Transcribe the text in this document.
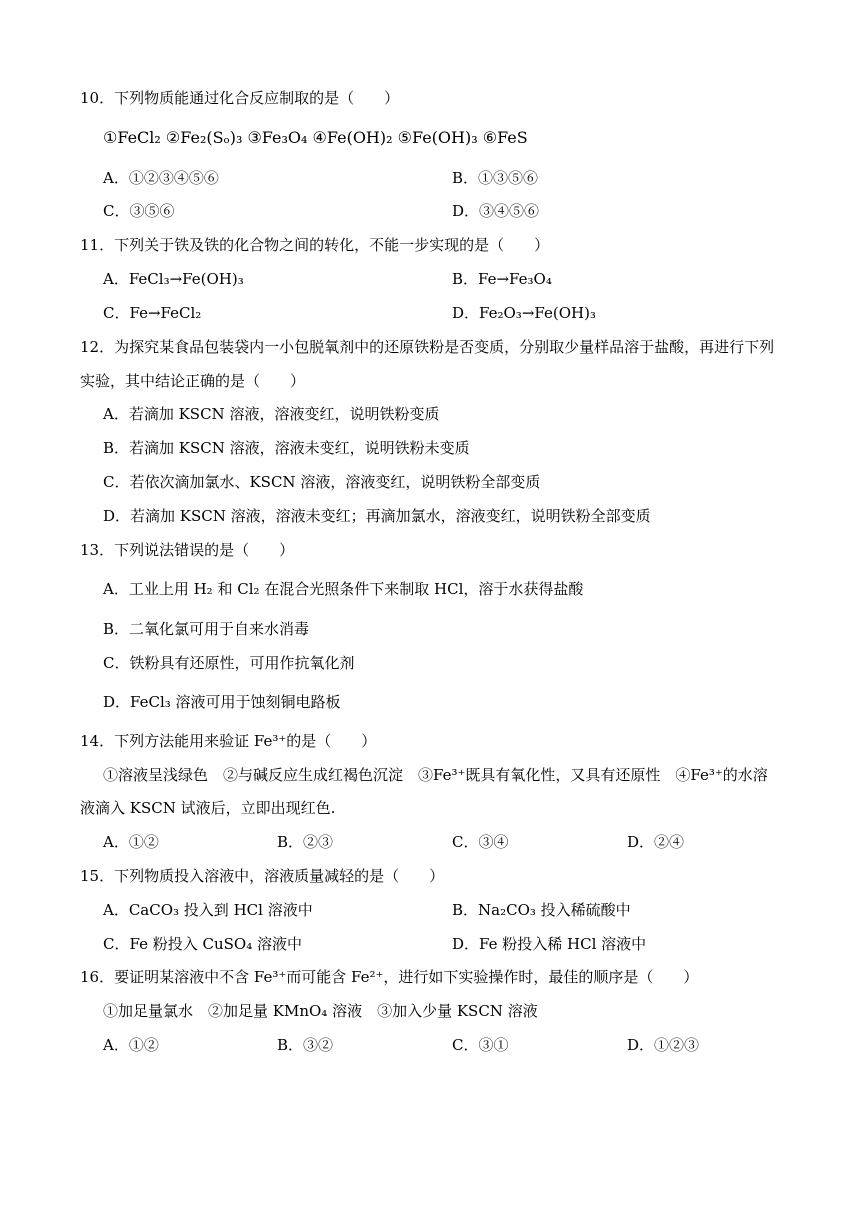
10．下列物质能通过化合反应制取的是（　　）
①FeCl₂ ②Fe₂(Sₒ)₃ ③Fe₃O₄ ④Fe(OH)₂ ⑤Fe(OH)₃ ⑥FeS
A．①②③④⑤⑥	B．①③⑤⑥
C．③⑤⑥	D．③④⑤⑥
11．下列关于铁及铁的化合物之间的转化，不能一步实现的是（　　）
A．FeCl₃→Fe(OH)₃	B．Fe→Fe₃O₄
C．Fe→FeCl₂	D．Fe₂O₃→Fe(OH)₃
12．为探究某食品包装袋内一小包脱氧剂中的还原铁粉是否变质，分别取少量样品溶于盐酸，再进行下列
实验，其中结论正确的是（　　）
A．若滴加 KSCN 溶液，溶液变红，说明铁粉变质
B．若滴加 KSCN 溶液，溶液未变红，说明铁粉未变质
C．若依次滴加氯水、KSCN 溶液，溶液变红，说明铁粉全部变质
D．若滴加 KSCN 溶液，溶液未变红；再滴加氯水，溶液变红，说明铁粉全部变质
13．下列说法错误的是（　　）
A．工业上用 H₂ 和 Cl₂ 在混合光照条件下来制取 HCl，溶于水获得盐酸
B．二氧化氯可用于自来水消毒
C．铁粉具有还原性，可用作抗氧化剂
D．FeCl₃ 溶液可用于蚀刻铜电路板
14．下列方法能用来验证 Fe³⁺的是（　　）
①溶液呈浅绿色　②与碱反应生成红褐色沉淀　③Fe³⁺既具有氧化性，又具有还原性　④Fe³⁺的水溶
液滴入 KSCN 试液后，立即出现红色.
A．①②	B．②③	C．③④	D．②④
15．下列物质投入溶液中，溶液质量减轻的是（　　）
A．CaCO₃ 投入到 HCl 溶液中	B．Na₂CO₃ 投入稀硫酸中
C．Fe 粉投入 CuSO₄ 溶液中	D．Fe 粉投入稀 HCl 溶液中
16．要证明某溶液中不含 Fe³⁺而可能含 Fe²⁺，进行如下实验操作时，最佳的顺序是（　　）
①加足量氯水　②加足量 KMnO₄ 溶液　③加入少量 KSCN 溶液
A．①②	B．③②	C．③①	D．①②③
